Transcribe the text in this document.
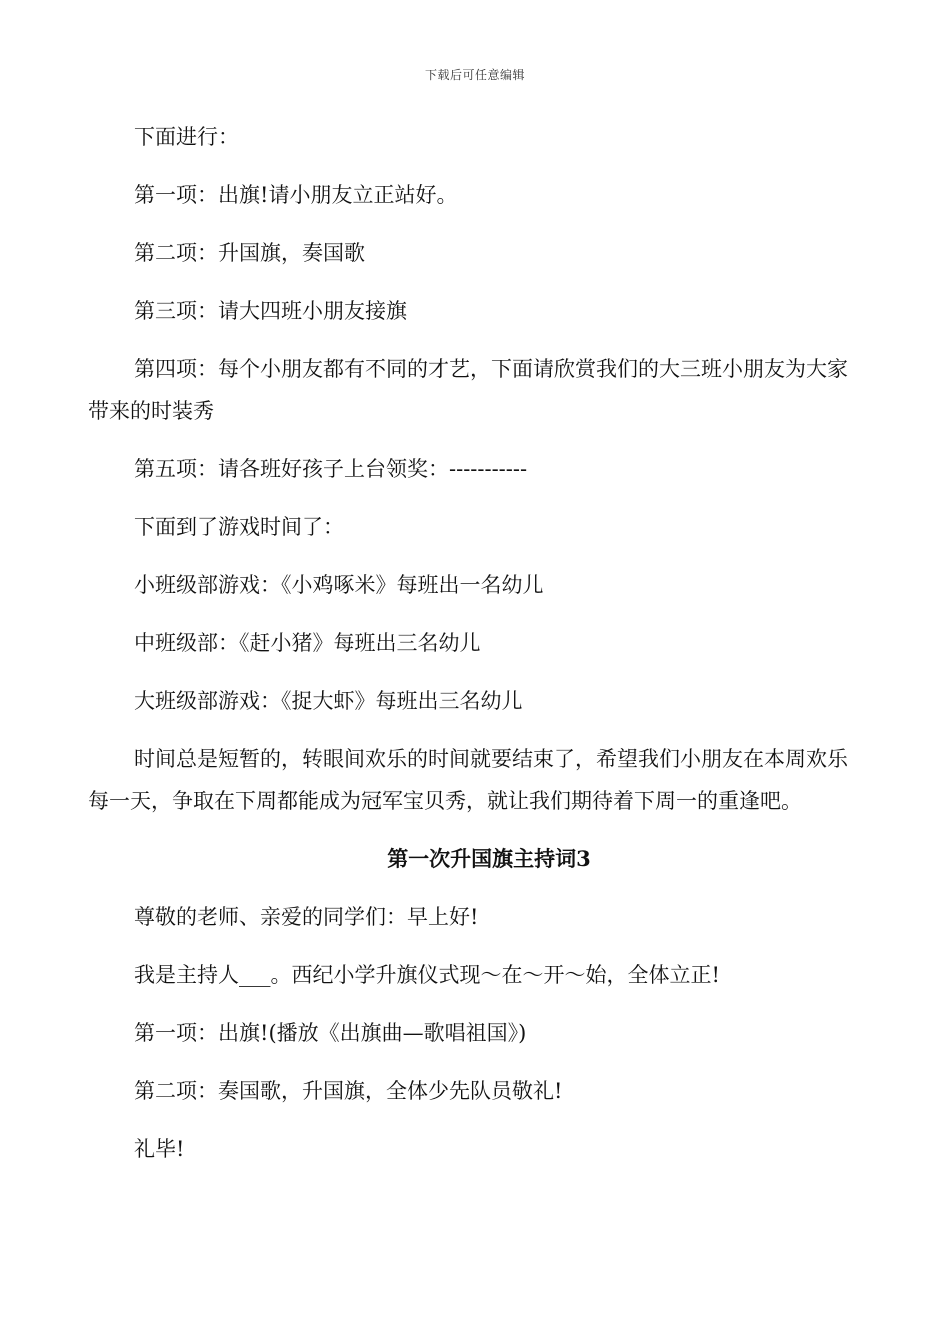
下载后可任意编辑

下面进行：

第一项：出旗!请小朋友立正站好。

第二项：升国旗，奏国歌

第三项：请大四班小朋友接旗

第四项：每个小朋友都有不同的才艺，下面请欣赏我们的大三班小朋友为大家带来的时装秀

第五项：请各班好孩子上台领奖：-----------

下面到了游戏时间了：

小班级部游戏：《小鸡啄米》每班出一名幼儿

中班级部：《赶小猪》每班出三名幼儿

大班级部游戏：《捉大虾》每班出三名幼儿

时间总是短暂的，转眼间欢乐的时间就要结束了，希望我们小朋友在本周欢乐每一天，争取在下周都能成为冠军宝贝秀，就让我们期待着下周一的重逢吧。

第一次升国旗主持词3

尊敬的老师、亲爱的同学们：早上好!

我是主持人___。西纪小学升旗仪式现～在～开～始，全体立正!

第一项：出旗!(播放《出旗曲—歌唱祖国》)

第二项：奏国歌，升国旗，全体少先队员敬礼!

礼毕!
